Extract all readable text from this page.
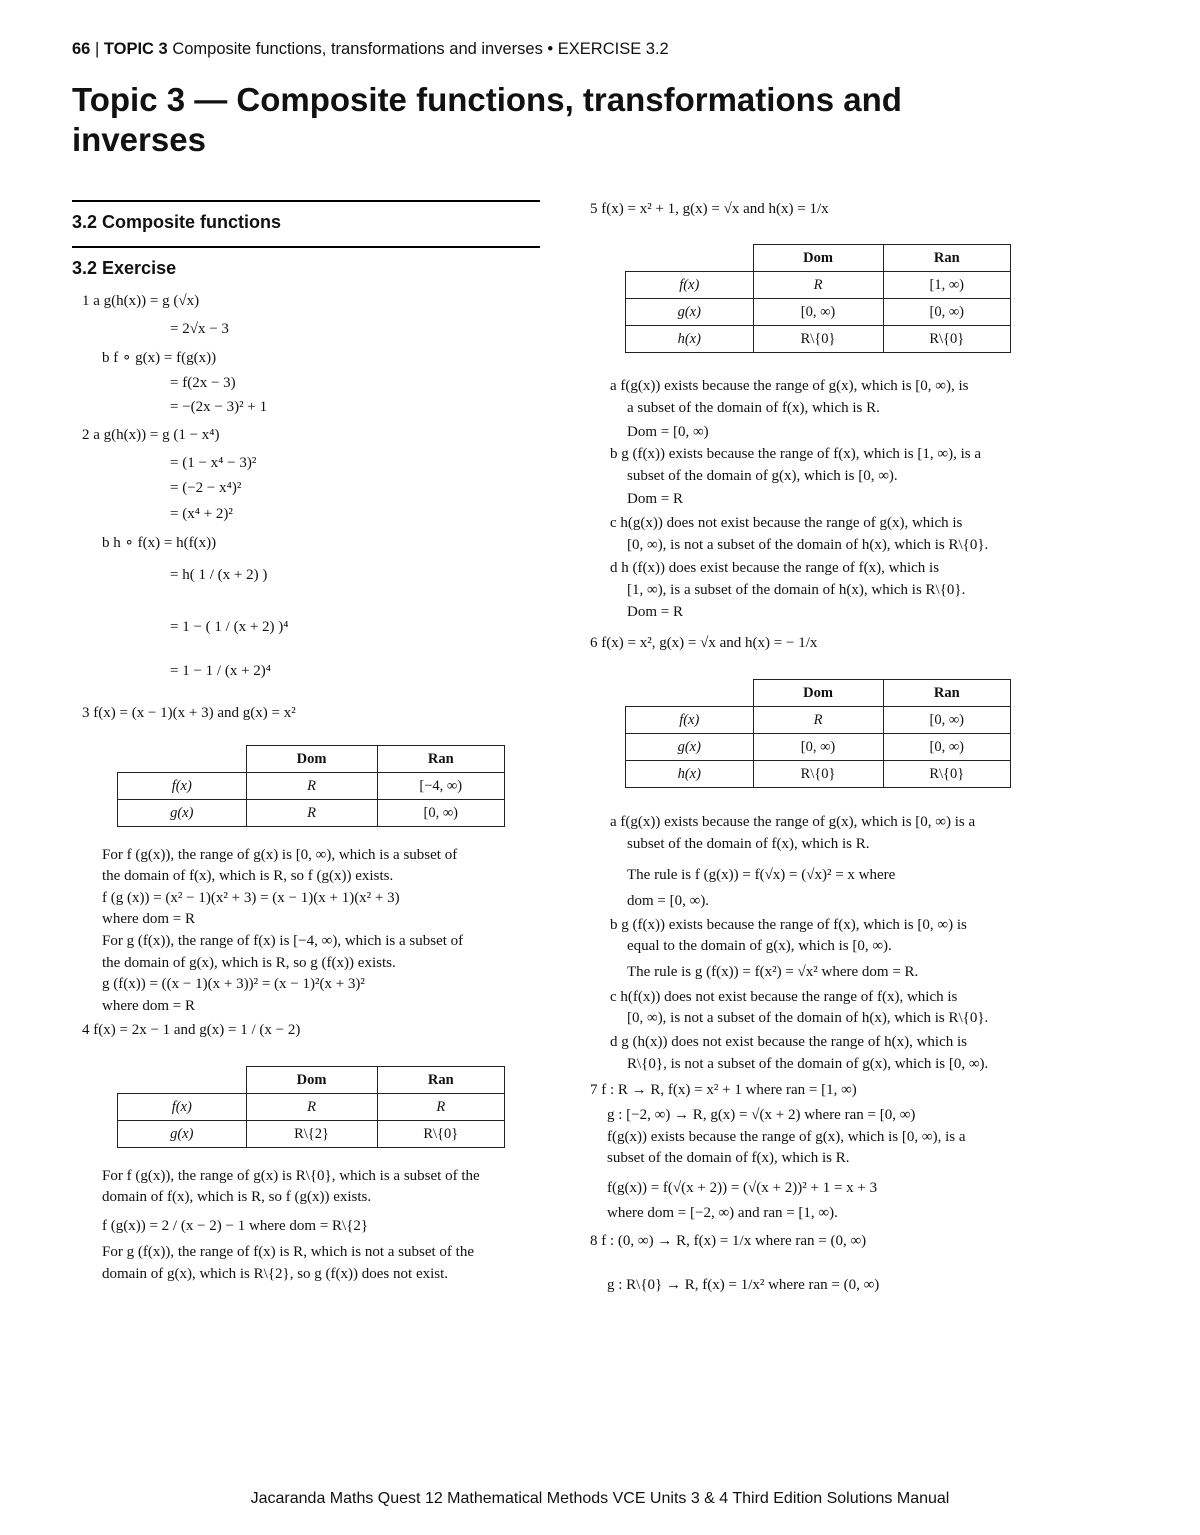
66 | TOPIC 3 Composite functions, transformations and inverses • EXERCISE 3.2
Topic 3 — Composite functions, transformations and inverses
3.2 Composite functions
3.2 Exercise
1 a g(h(x)) = g (√x)
= 2√x − 3
b f ∘ g(x) = f(g(x))
= f(2x − 3)
= −(2x − 3)² + 1
2 a g(h(x)) = g (1 − x⁴)
= (1 − x⁴ − 3)²
= (−2 − x⁴)²
= (x⁴ + 2)²
b h ∘ f(x) = h(f(x))
= h( 1 / (x + 2) )
= 1 − ( 1 / (x + 2) )⁴
= 1 − 1 / (x + 2)⁴
3 f(x) = (x − 1)(x + 3) and g(x) = x²
	Dom	Ran
f(x)	R	[−4, ∞)
g(x)	R	[0, ∞)
For f (g(x)), the range of g(x) is [0, ∞), which is a subset of
the domain of f(x), which is R, so f (g(x)) exists.
f (g (x)) = (x² − 1)(x² + 3) = (x − 1)(x + 1)(x² + 3)
where dom = R
For g (f(x)), the range of f(x) is [−4, ∞), which is a subset of
the domain of g(x), which is R, so g (f(x)) exists.
g (f(x)) = ((x − 1)(x + 3))² = (x − 1)²(x + 3)²
where dom = R
4 f(x) = 2x − 1 and g(x) = 1 / (x − 2)
	Dom	Ran
f(x)	R	R
g(x)	R\{2}	R\{0}
For f (g(x)), the range of g(x) is R\{0}, which is a subset of the
domain of f(x), which is R, so f (g(x)) exists.
f (g(x)) = 2 / (x − 2) − 1 where dom = R\{2}
For g (f(x)), the range of f(x) is R, which is not a subset of the
domain of g(x), which is R\{2}, so g (f(x)) does not exist.
5 f(x) = x² + 1, g(x) = √x and h(x) = 1/x
	Dom	Ran
f(x)	R	[1, ∞)
g(x)	[0, ∞)	[0, ∞)
h(x)	R\{0}	R\{0}
a f(g(x)) exists because the range of g(x), which is [0, ∞), is
a subset of the domain of f(x), which is R.
Dom = [0, ∞)
b g (f(x)) exists because the range of f(x), which is [1, ∞), is a
subset of the domain of g(x), which is [0, ∞).
Dom = R
c h(g(x)) does not exist because the range of g(x), which is
[0, ∞), is not a subset of the domain of h(x), which is R\{0}.
d h (f(x)) does exist because the range of f(x), which is
[1, ∞), is a subset of the domain of h(x), which is R\{0}.
Dom = R
6 f(x) = x², g(x) = √x and h(x) = − 1/x
	Dom	Ran
f(x)	R	[0, ∞)
g(x)	[0, ∞)	[0, ∞)
h(x)	R\{0}	R\{0}
a f(g(x)) exists because the range of g(x), which is [0, ∞) is a
subset of the domain of f(x), which is R.
The rule is f (g(x)) = f(√x) = (√x)² = x where
dom = [0, ∞).
b g (f(x)) exists because the range of f(x), which is [0, ∞) is
equal to the domain of g(x), which is [0, ∞).
The rule is g (f(x)) = f(x²) = √x² where dom = R.
c h(f(x)) does not exist because the range of f(x), which is
[0, ∞), is not a subset of the domain of h(x), which is R\{0}.
d g (h(x)) does not exist because the range of h(x), which is
R\{0}, is not a subset of the domain of g(x), which is [0, ∞).
7 f : R → R, f(x) = x² + 1 where ran = [1, ∞)
g : [−2, ∞) → R, g(x) = √(x + 2) where ran = [0, ∞)
f(g(x)) exists because the range of g(x), which is [0, ∞), is a
subset of the domain of f(x), which is R.
f(g(x)) = f(√(x + 2)) = (√(x + 2))² + 1 = x + 3
where dom = [−2, ∞) and ran = [1, ∞).
8 f : (0, ∞) → R, f(x) = 1/x where ran = (0, ∞)
g : R\{0} → R, f(x) = 1/x² where ran = (0, ∞)
Jacaranda Maths Quest 12 Mathematical Methods VCE Units 3 & 4 Third Edition Solutions Manual
